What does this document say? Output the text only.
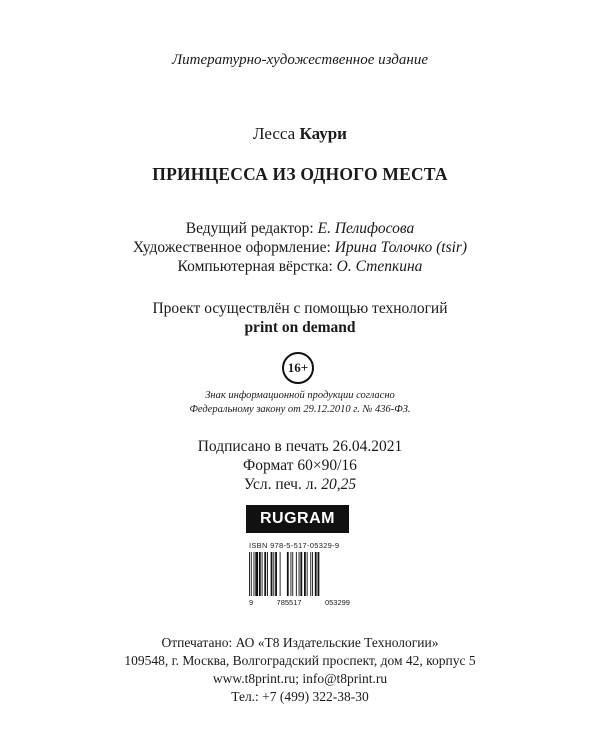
Литературно-художественное издание
Лесса Каури
ПРИНЦЕССА ИЗ ОДНОГО МЕСТА
Ведущий редактор: Е. Пелифосова
Художественное оформление: Ирина Толочко (tsir)
Компьютерная вёрстка: О. Степкина
Проект осуществлён с помощью технологий
print on demand
16+
Знак информационной продукции согласно
Федеральному закону от 29.12.2010 г. № 436-ФЗ.
Подписано в печать 26.04.2021
Формат 60×90/16
Усл. печ. л. 20,25
RUGRAM
ISBN 978-5-517-05329-9
9	785517	053299
Отпечатано: АО «Т8 Издательские Технологии»
109548, г. Москва, Волгоградский проспект, дом 42, корпус 5
www.t8print.ru; info@t8print.ru
Тел.: +7 (499) 322-38-30
